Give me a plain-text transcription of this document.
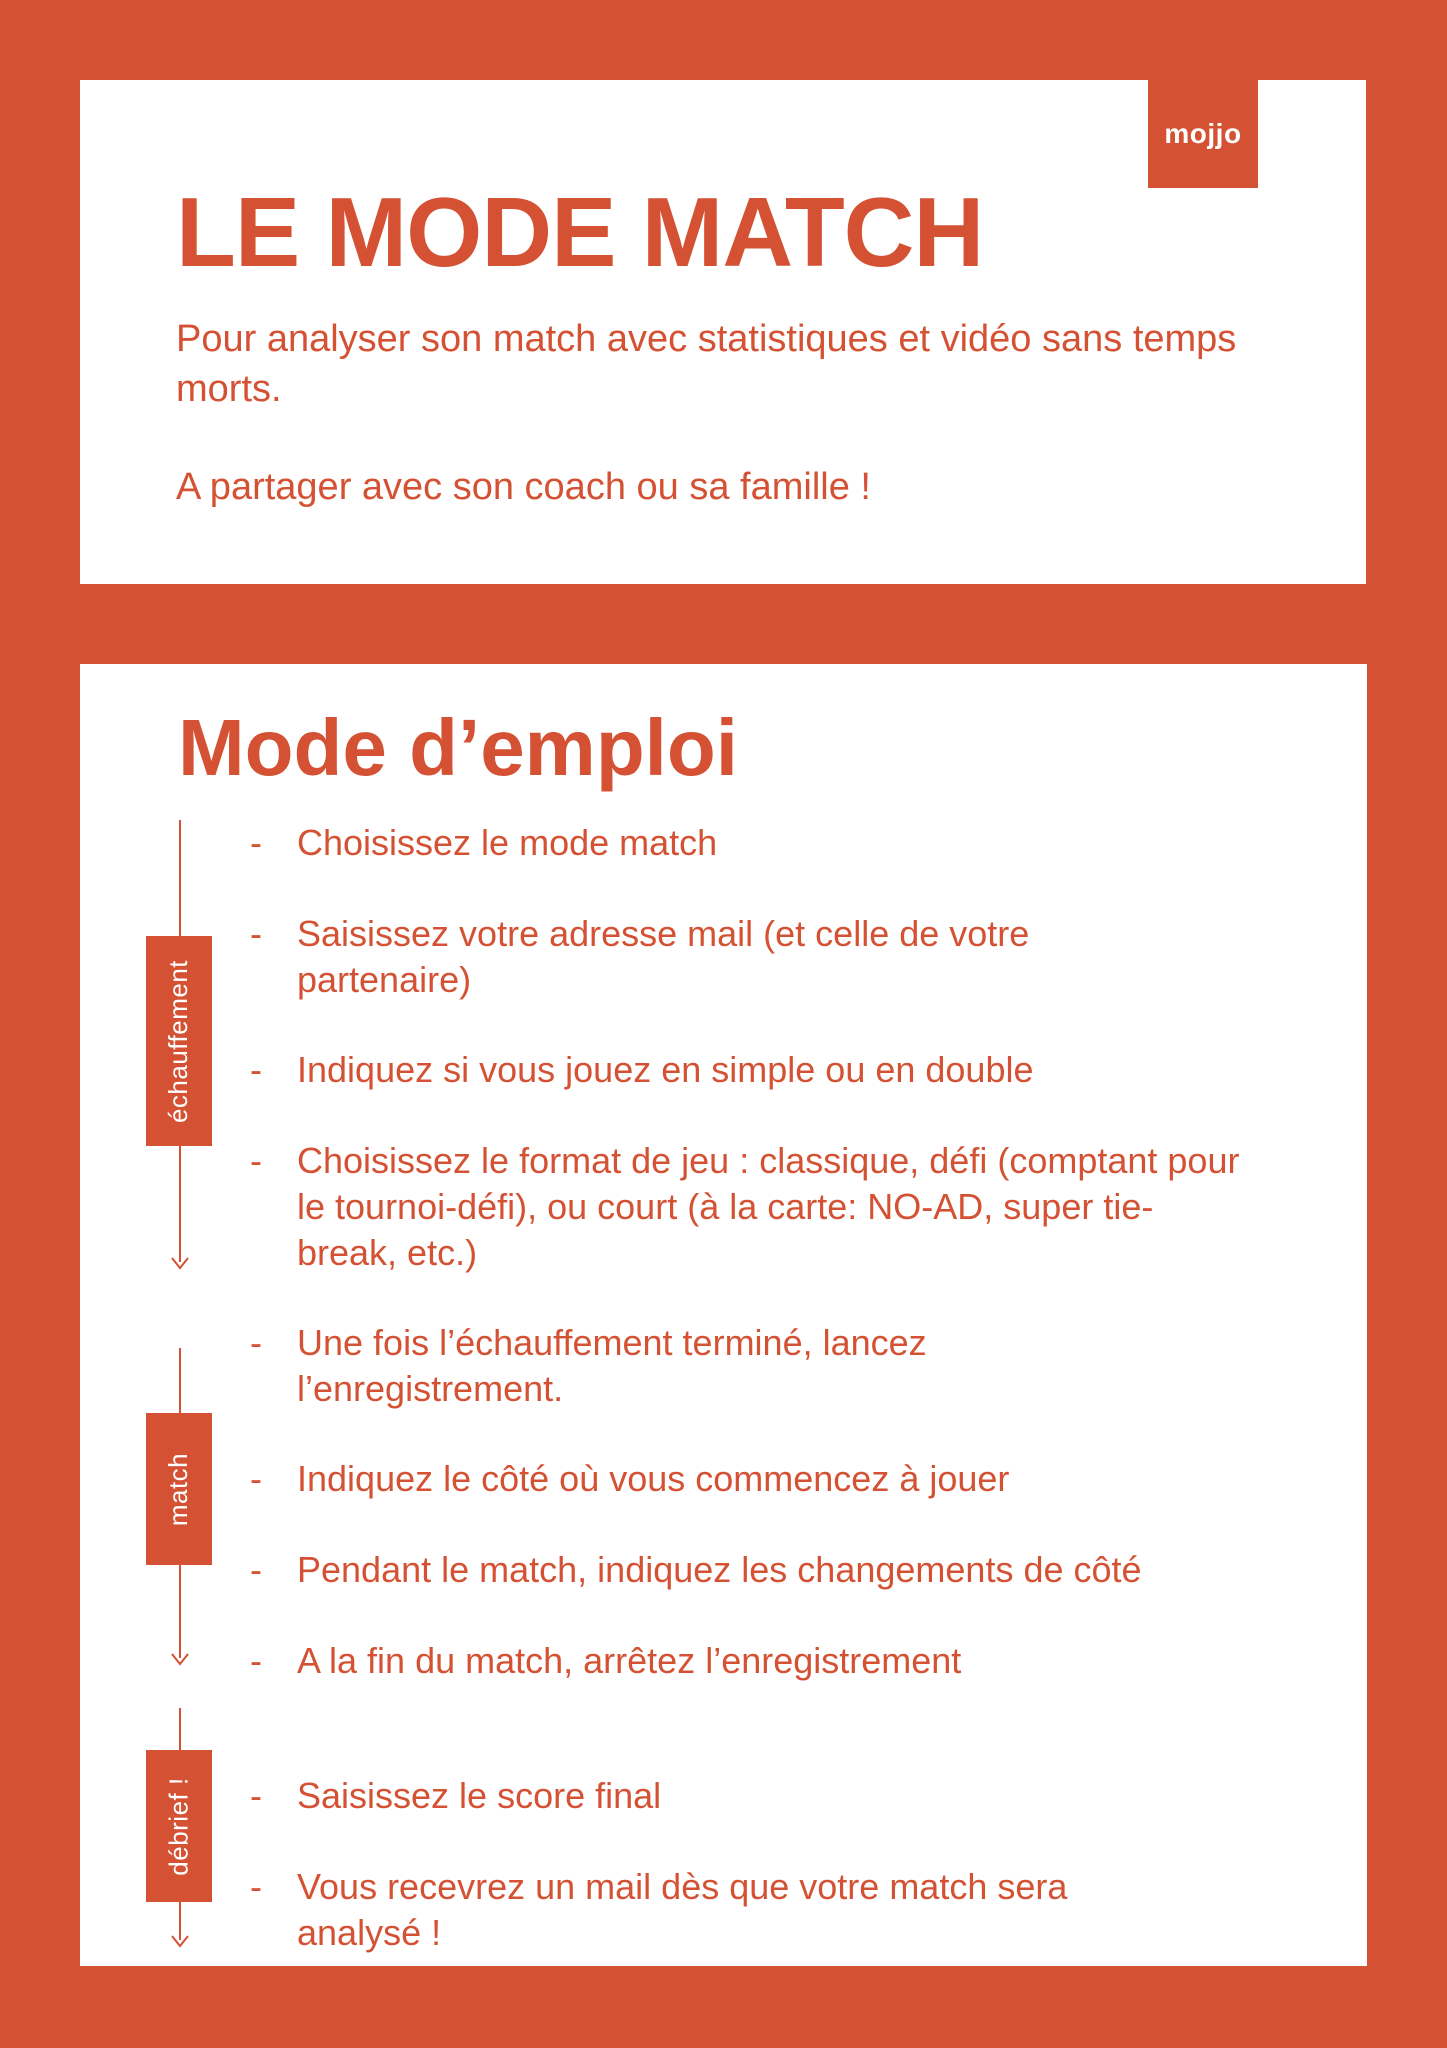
mojjo
LE MODE MATCH

Pour analyser son match avec statistiques et vidéo sans temps morts.

A partager avec son coach ou sa famille !

Mode d’emploi
échauffement
match
débrief !
- Choisissez le mode match
- Saisissez votre adresse mail (et celle de votre partenaire)
- Indiquez si vous jouez en simple ou en double
- Choisissez le format de jeu : classique, défi (comptant pour le tournoi-défi), ou court (à la carte: NO-AD, super tie-break, etc.)
- Une fois l’échauffement terminé, lancez l’enregistrement.
- Indiquez le côté où vous commencez à jouer
- Pendant le match, indiquez les changements de côté
- A la fin du match, arrêtez l’enregistrement
- Saisissez le score final
- Vous recevrez un mail dès que votre match sera analysé !
